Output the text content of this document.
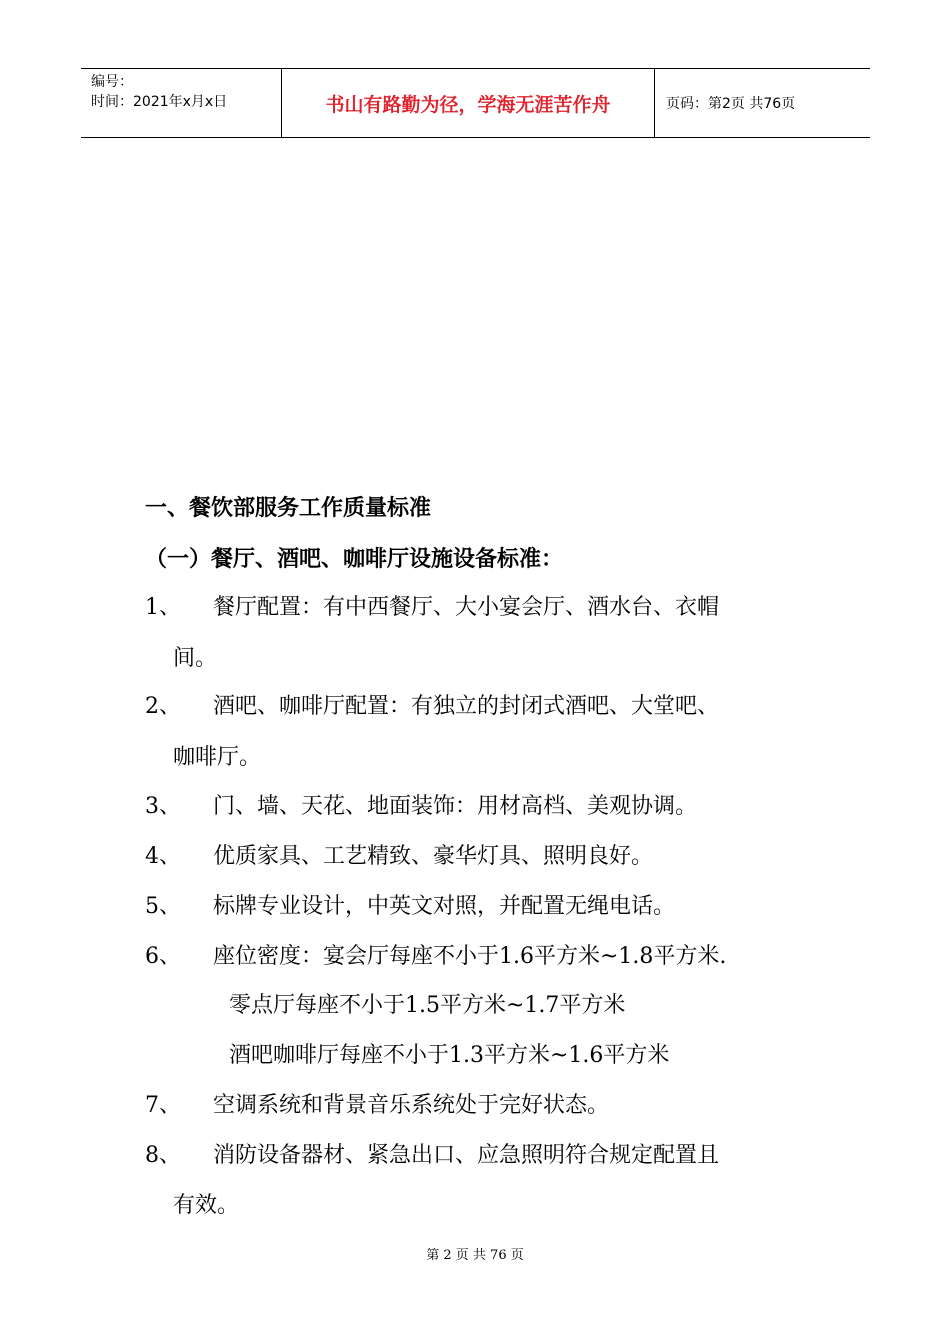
编号：
时间：2021年x月x日	书山有路勤为径，学海无涯苦作舟	页码：第2页 共76页
一、餐饮部服务工作质量标准
（一）餐厅、酒吧、咖啡厅设施设备标准：
1、 餐厅配置：有中西餐厅、大小宴会厅、酒水台、衣帽
间。
2、 酒吧、咖啡厅配置：有独立的封闭式酒吧、大堂吧、
咖啡厅。
3、 门、墙、天花、地面装饰：用材高档、美观协调。
4、 优质家具、工艺精致、豪华灯具、照明良好。
5、 标牌专业设计，中英文对照，并配置无绳电话。
6、 座位密度：宴会厅每座不小于1.6平方米~1.8平方米.
零点厅每座不小于1.5平方米~1.7平方米
酒吧咖啡厅每座不小于1.3平方米~1.6平方米
7、 空调系统和背景音乐系统处于完好状态。
8、 消防设备器材、紧急出口、应急照明符合规定配置且
有效。
第 2 页 共 76 页
